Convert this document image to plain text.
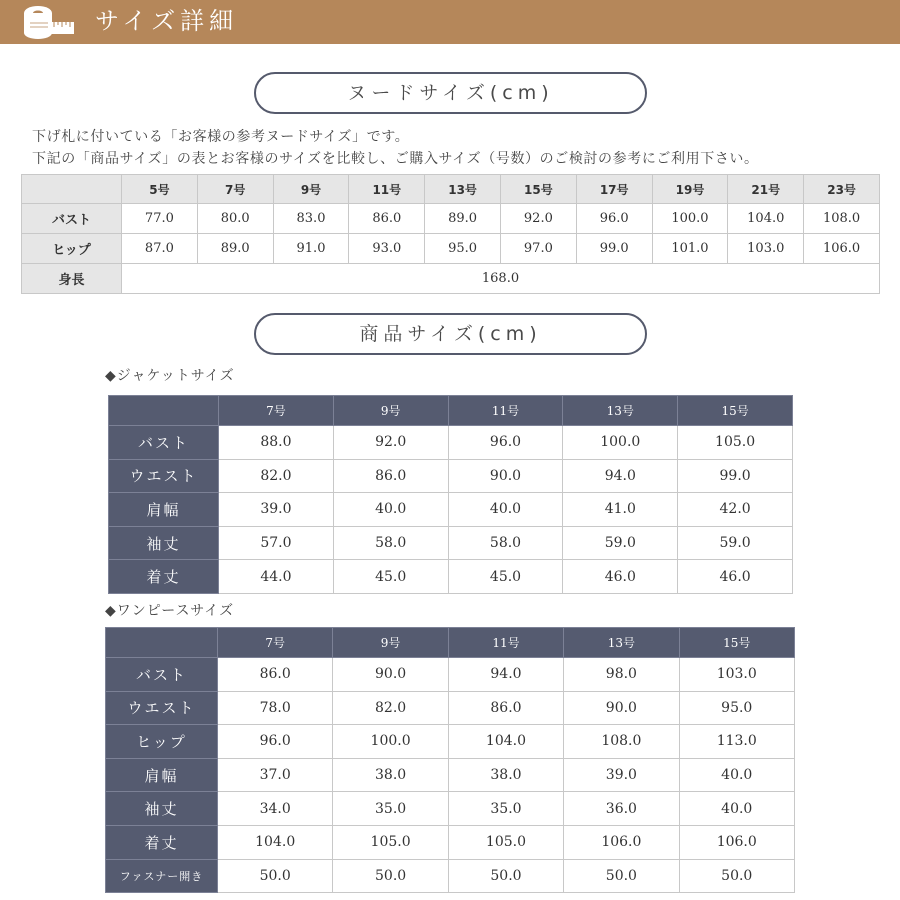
サイズ詳細
ヌードサイズ(cm)
下げ札に付いている「お客様の参考ヌードサイズ」です。
下記の「商品サイズ」の表とお客様のサイズを比較し、ご購入サイズ（号数）のご検討の参考にご利用下さい。
	5号	7号	9号	11号	13号	15号	17号	19号	21号	23号
バスト	77.0	80.0	83.0	86.0	89.0	92.0	96.0	100.0	104.0	108.0
ヒップ	87.0	89.0	91.0	93.0	95.0	97.0	99.0	101.0	103.0	106.0
身長	168.0									
商品サイズ(cm)
◆ジャケットサイズ
	7号	9号	11号	13号	15号
バスト	88.0	92.0	96.0	100.0	105.0
ウエスト	82.0	86.0	90.0	94.0	99.0
肩幅	39.0	40.0	40.0	41.0	42.0
袖丈	57.0	58.0	58.0	59.0	59.0
着丈	44.0	45.0	45.0	46.0	46.0
◆ワンピースサイズ
	7号	9号	11号	13号	15号
バスト	86.0	90.0	94.0	98.0	103.0
ウエスト	78.0	82.0	86.0	90.0	95.0
ヒップ	96.0	100.0	104.0	108.0	113.0
肩幅	37.0	38.0	38.0	39.0	40.0
袖丈	34.0	35.0	35.0	36.0	40.0
着丈	104.0	105.0	105.0	106.0	106.0
ファスナー開き	50.0	50.0	50.0	50.0	50.0
